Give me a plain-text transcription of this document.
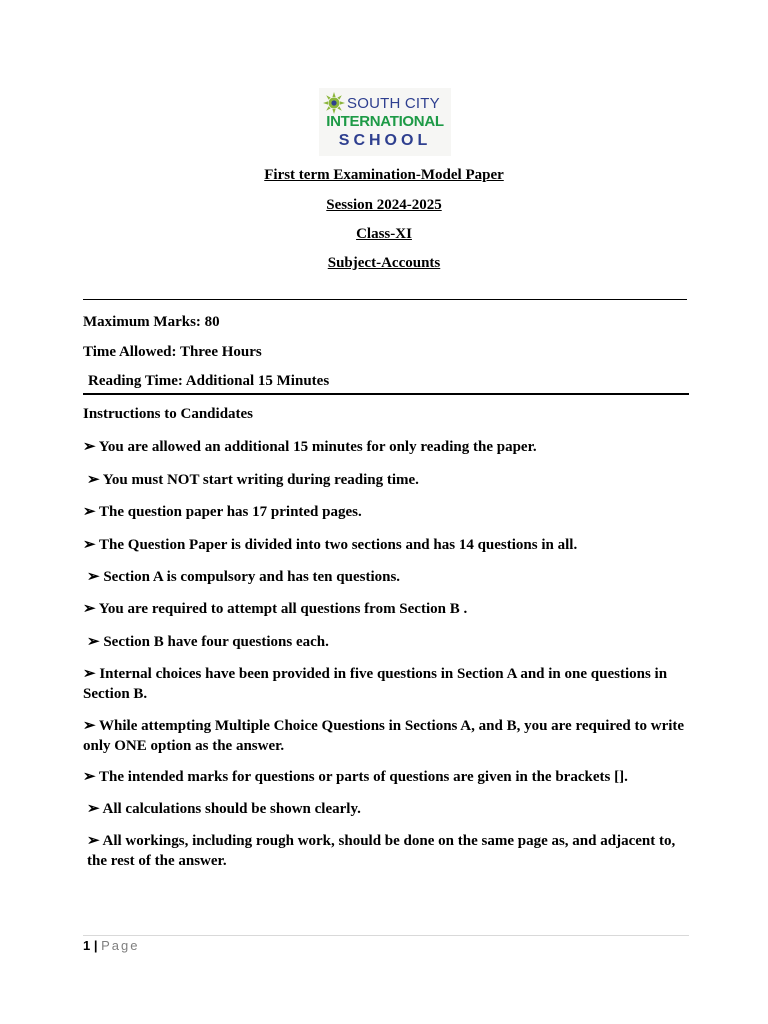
SOUTH CITY
INTERNATIONAL
SCHOOL
First term Examination-Model Paper
Session 2024-2025
Class-XI
Subject-Accounts
Maximum Marks: 80
Time Allowed: Three Hours
Reading Time: Additional 15 Minutes
Instructions to Candidates
➢ You are allowed an additional 15 minutes for only reading the paper.
➢ You must NOT start writing during reading time.
➢ The question paper has 17 printed pages.
➢ The Question Paper is divided into two sections and has 14 questions in all.
➢ Section A is compulsory and has ten questions.
➢ You are required to attempt all questions from Section B .
➢ Section B have four questions each.
➢ Internal choices have been provided in five questions in Section A and in one questions in Section B.
➢ While attempting Multiple Choice Questions in Sections A, and B, you are required to write only ONE option as the answer.
➢ The intended marks for questions or parts of questions are given in the brackets [].
➢ All calculations should be shown clearly.
➢ All workings, including rough work, should be done on the same page as, and adjacent to, the rest of the answer.
1 | Page
